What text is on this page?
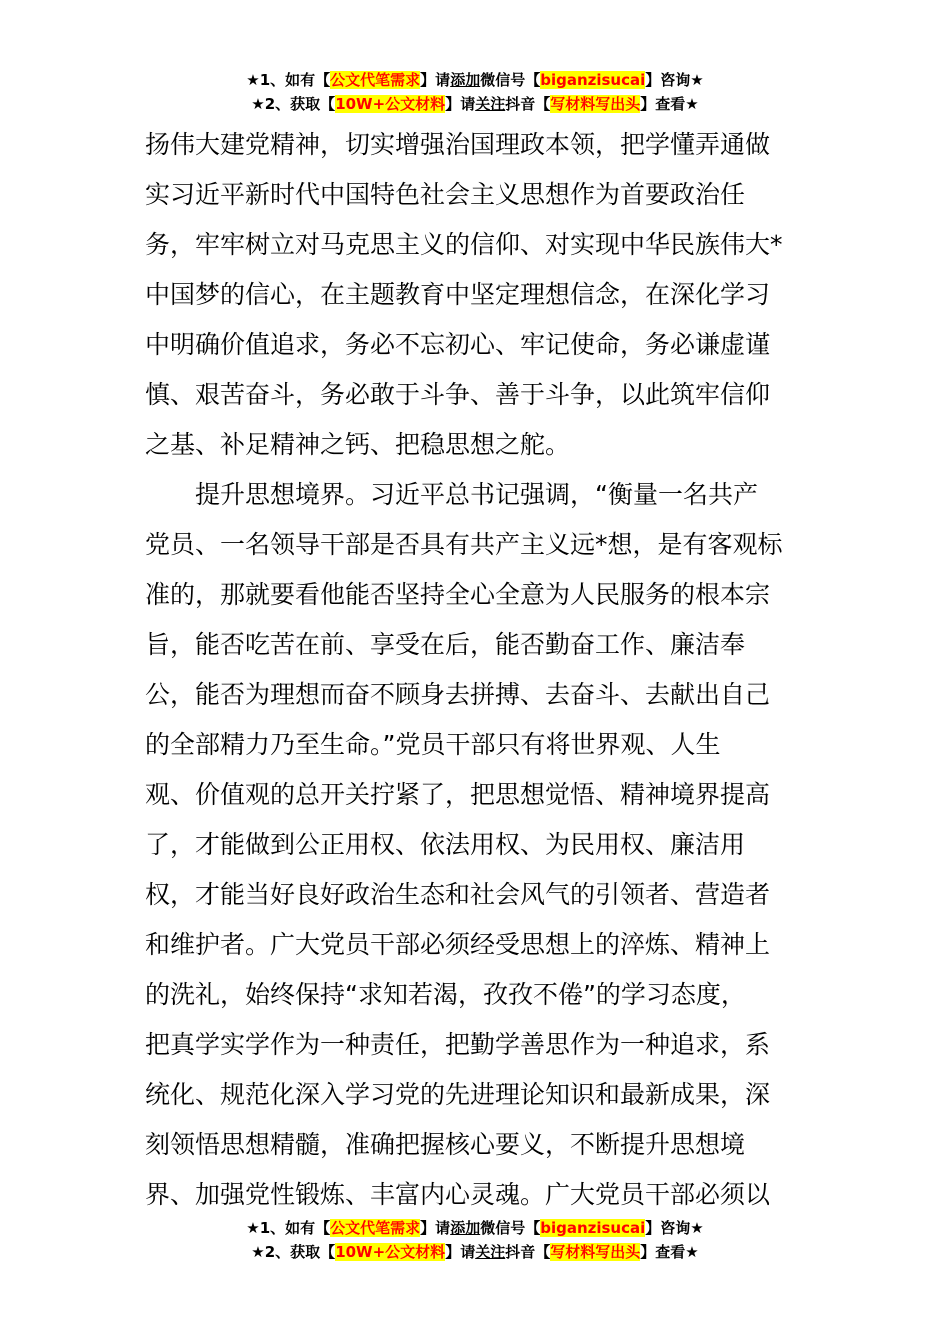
★1、如有【公文代笔需求】请添加微信号【biganzisucai】咨询★
★2、获取【10W+公文材料】请关注抖音【写材料写出头】查看★
扬伟大建党精神，切实增强治国理政本领，把学懂弄通做
实习近平新时代中国特色社会主义思想作为首要政治任
务，牢牢树立对马克思主义的信仰、对实现中华民族伟大*
中国梦的信心，在主题教育中坚定理想信念，在深化学习
中明确价值追求，务必不忘初心、牢记使命，务必谦虚谨
慎、艰苦奋斗，务必敢于斗争、善于斗争，以此筑牢信仰
之基、补足精神之钙、把稳思想之舵。
　　提升思想境界。习近平总书记强调，“衡量一名共产
党员、一名领导干部是否具有共产主义远*想，是有客观标
准的，那就要看他能否坚持全心全意为人民服务的根本宗
旨，能否吃苦在前、享受在后，能否勤奋工作、廉洁奉
公，能否为理想而奋不顾身去拼搏、去奋斗、去献出自己
的全部精力乃至生命。”党员干部只有将世界观、人生
观、价值观的总开关拧紧了，把思想觉悟、精神境界提高
了，才能做到公正用权、依法用权、为民用权、廉洁用
权，才能当好良好政治生态和社会风气的引领者、营造者
和维护者。广大党员干部必须经受思想上的淬炼、精神上
的洗礼，始终保持“求知若渴，孜孜不倦”的学习态度，
把真学实学作为一种责任，把勤学善思作为一种追求，系
统化、规范化深入学习党的先进理论知识和最新成果，深
刻领悟思想精髓，准确把握核心要义，不断提升思想境
界、加强党性锻炼、丰富内心灵魂。广大党员干部必须以
★1、如有【公文代笔需求】请添加微信号【biganzisucai】咨询★
★2、获取【10W+公文材料】请关注抖音【写材料写出头】查看★
